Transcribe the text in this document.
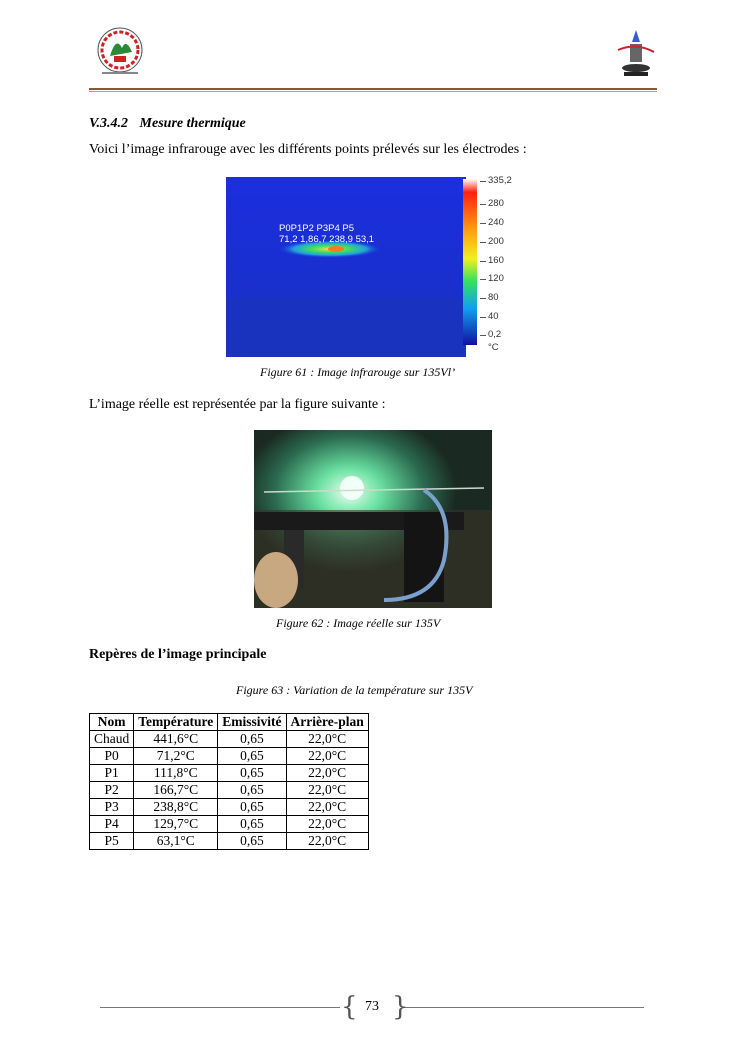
V.3.4.2 Mesure thermique
Voici l’image infrarouge avec les différents points prélevés sur les électrodes :
P0P1P2 P3P4 P5
71,2 1,86,7 238,9 53,1
335,2
280
240
200
160
120
80
40
0,2
°C
Figure 61 : Image infrarouge sur 135Vl’
L’image réelle est représentée par la figure suivante :
Figure 62 : Image réelle sur 135V
Repères de l’image principale
Figure 63 : Variation de la température sur 135V
Nom	Température	Emissivité	Arrière-plan
Chaud	441,6°C	0,65	22,0°C
P0	71,2°C	0,65	22,0°C
P1	111,8°C	0,65	22,0°C
P2	166,7°C	0,65	22,0°C
P3	238,8°C	0,65	22,0°C
P4	129,7°C	0,65	22,0°C
P5	63,1°C	0,65	22,0°C
{ }
73
